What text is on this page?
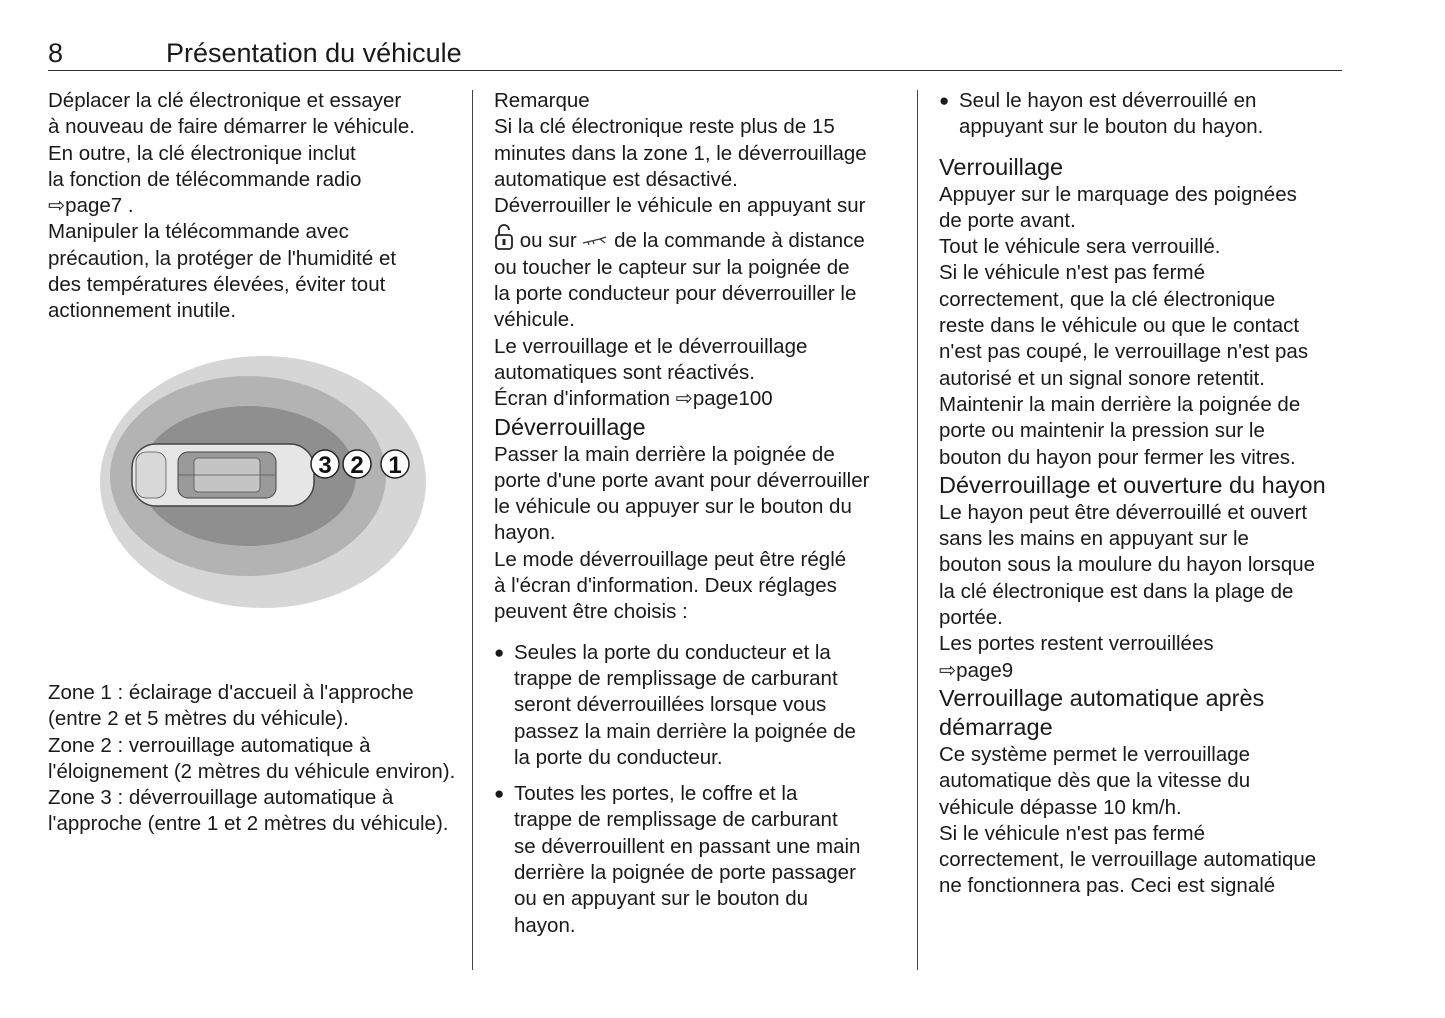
8	Présentation du véhicule

Déplacer la clé électronique et essayer

à nouveau de faire démarrer le véhicule.

En outre, la clé électronique inclut

la fonction de télécommande radio

⇨page7 .

Manipuler la télécommande avec

précaution, la protéger de l'humidité et

des températures élevées, éviter tout

actionnement inutile.

3 2 1

Zone 1 : éclairage d'accueil à l'approche (entre 2 et 5 mètres du véhicule).

Zone 2 : verrouillage automatique à l'éloignement (2 mètres du véhicule environ).

Zone 3 : déverrouillage automatique à l'approche (entre 1 et 2 mètres du véhicule).

Remarque

Si la clé électronique reste plus de 15

minutes dans la zone 1, le déverrouillage

automatique est désactivé.

Déverrouiller le véhicule en appuyant sur

ou sur  de la commande à distance

ou toucher le capteur sur la poignée de

la porte conducteur pour déverrouiller le

véhicule.

Le verrouillage et le déverrouillage

automatiques sont réactivés.

Écran d'information ⇨page100

Déverrouillage

Passer la main derrière la poignée de

porte d'une porte avant pour déverrouiller

le véhicule ou appuyer sur le bouton du

hayon.

Le mode déverrouillage peut être réglé

à l'écran d'information. Deux réglages

peuvent être choisis :

● Seules la porte du conducteur et la

trappe de remplissage de carburant

seront déverrouillées lorsque vous

passez la main derrière la poignée de

la porte du conducteur.

● Toutes les portes, le coffre et la

trappe de remplissage de carburant

se déverrouillent en passant une main

derrière la poignée de porte passager

ou en appuyant sur le bouton du

hayon.

● Seul le hayon est déverrouillé en

appuyant sur le bouton du hayon.

Verrouillage

Appuyer sur le marquage des poignées

de porte avant.

Tout le véhicule sera verrouillé.

Si le véhicule n'est pas fermé

correctement, que la clé électronique

reste dans le véhicule ou que le contact

n'est pas coupé, le verrouillage n'est pas

autorisé et un signal sonore retentit.

Maintenir la main derrière la poignée de

porte ou maintenir la pression sur le

bouton du hayon pour fermer les vitres.

Déverrouillage et ouverture du hayon

Le hayon peut être déverrouillé et ouvert

sans les mains en appuyant sur le

bouton sous la moulure du hayon lorsque

la clé électronique est dans la plage de

portée.

Les portes restent verrouillées

⇨page9

Verrouillage automatique après

démarrage

Ce système permet le verrouillage

automatique dès que la vitesse du

véhicule dépasse 10 km/h.

Si le véhicule n'est pas fermé

correctement, le verrouillage automatique

ne fonctionnera pas. Ceci est signalé
